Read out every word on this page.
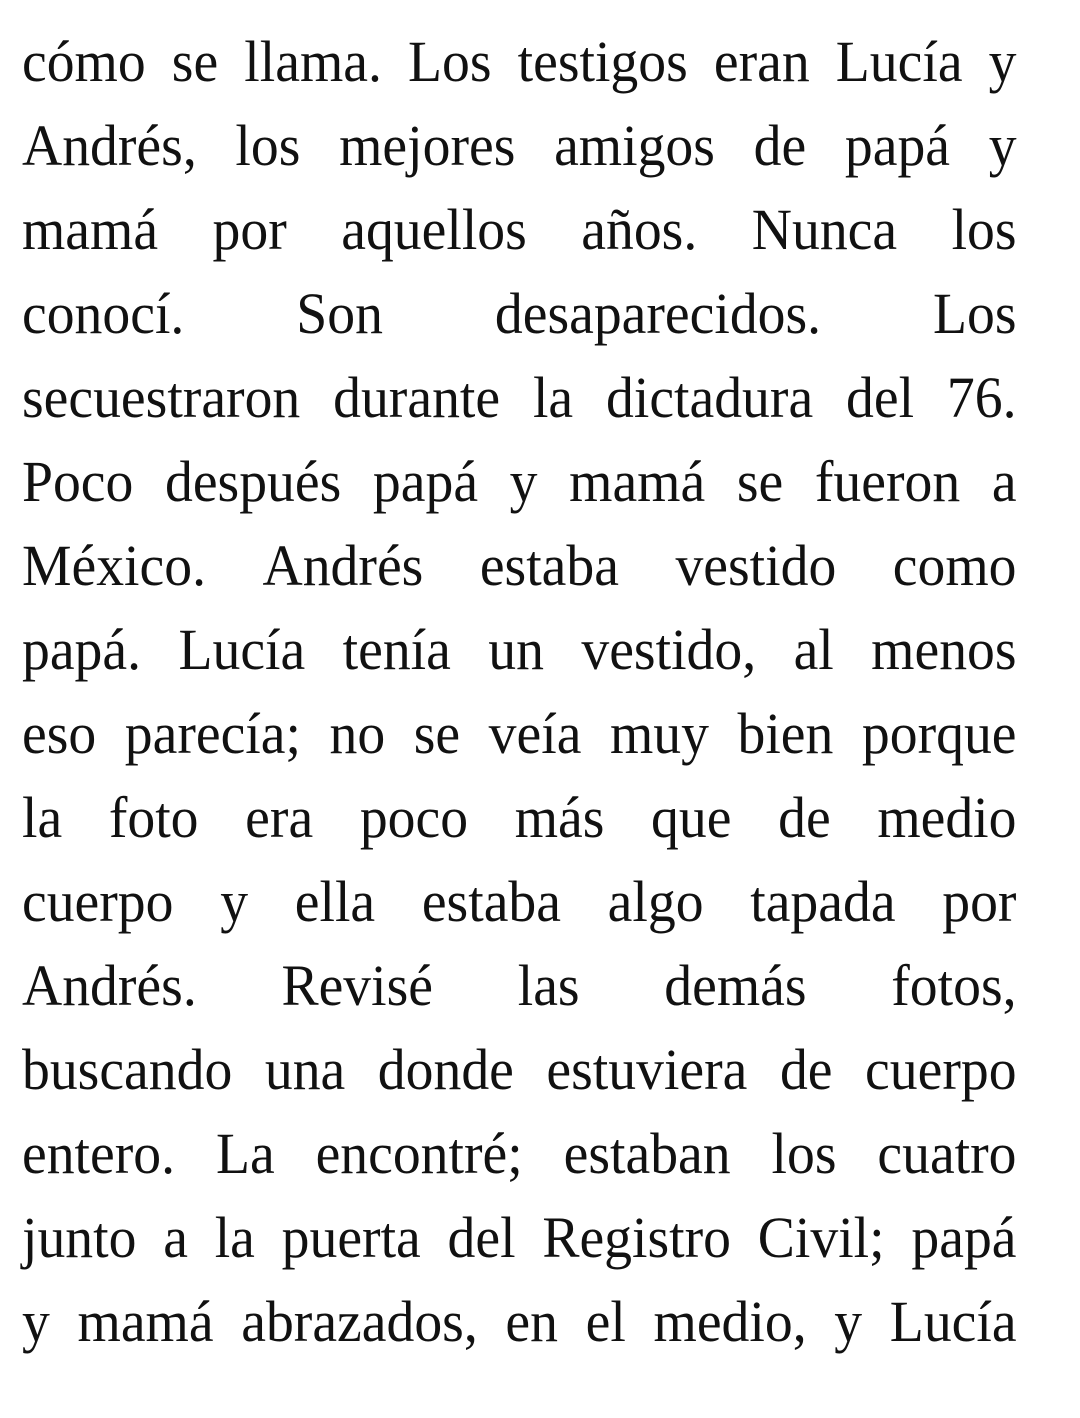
cómo se llama. Los testigos eran Lucía y
Andrés, los mejores amigos de papá y
mamá por aquellos años. Nunca los
conocí. Son desaparecidos. Los
secuestraron durante la dictadura del 76.
Poco después papá y mamá se fueron a
México. Andrés estaba vestido como
papá. Lucía tenía un vestido, al menos
eso parecía; no se veía muy bien porque
la foto era poco más que de medio
cuerpo y ella estaba algo tapada por
Andrés. Revisé las demás fotos,
buscando una donde estuviera de cuerpo
entero. La encontré; estaban los cuatro
junto a la puerta del Registro Civil; papá
y mamá abrazados, en el medio, y Lucía
